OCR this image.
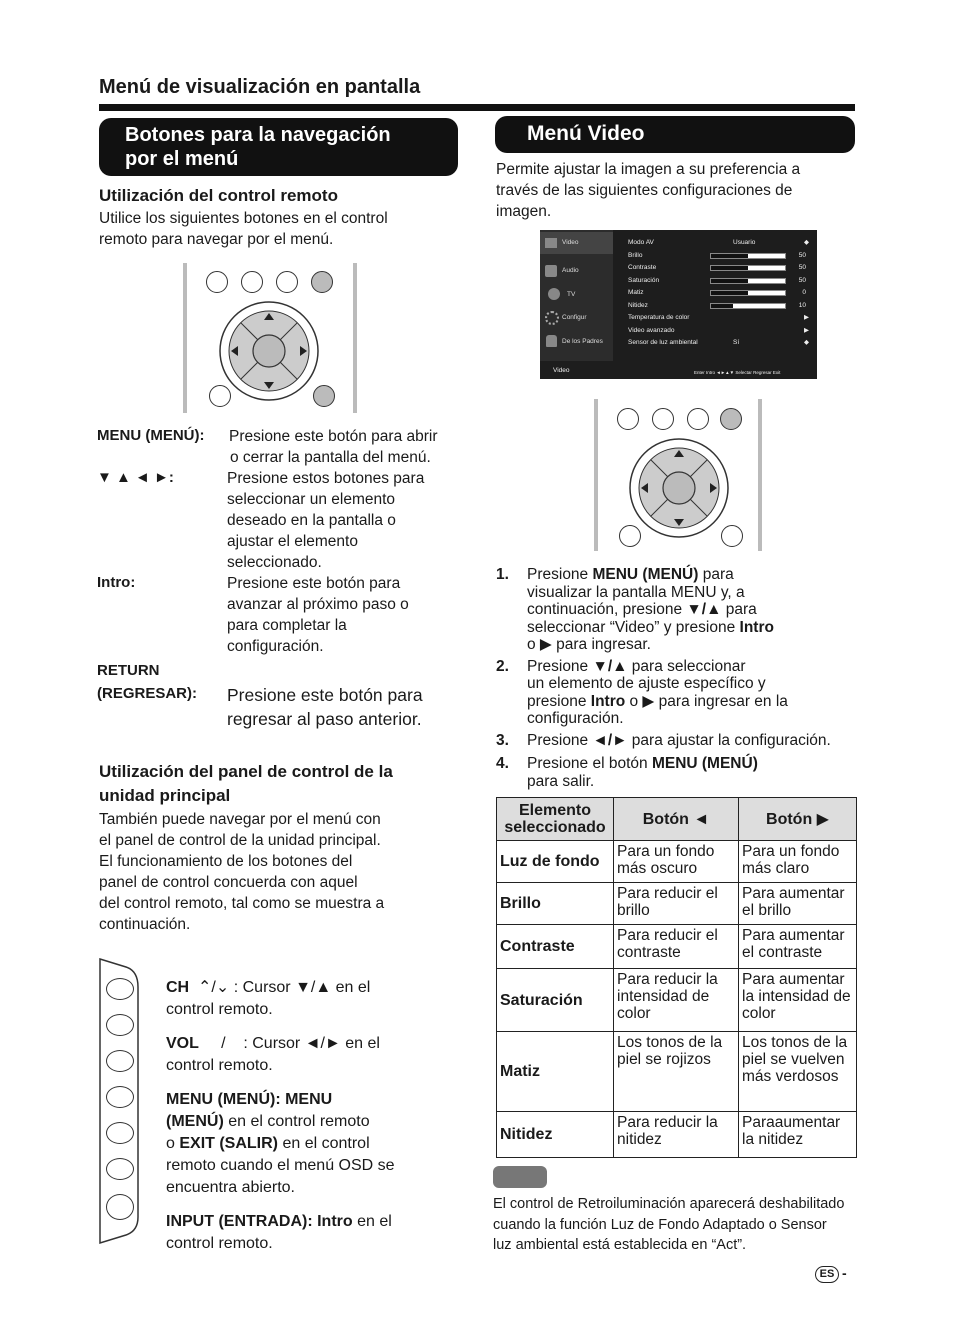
Menú de visualización en pantalla
Botones para la navegación
por el menú
Utilización del control remoto
Utilice los siguientes botones en el control
remoto para navegar por el menú.
MENU (MENÚ): Presione este botón para abrir
o cerrar la pantalla del menú.
▼ ▲ ◄ ►:	Presione estos botones para
seleccionar un elemento
deseado en la pantalla o
ajustar el elemento
seleccionado.
Intro:	Presione este botón para
avanzar al próximo paso o
para completar la
configuración.
RETURN
(REGRESAR): Presione este botón para
regresar al paso anterior.
Utilización del panel de control de la
unidad principal
También puede navegar por el menú con
el panel de control de la unidad principal.
El funcionamiento de los botones del
panel de control concuerda con aquel
del control remoto, tal como se muestra a
continuación.
CH  ⌃/⌄ : Cursor ▼/▲ en el
control remoto.
VOL     /    : Cursor ◄/► en el
control remoto.
MENU (MENÚ): MENU
(MENÚ) en el control remoto
o EXIT (SALIR) en el control
remoto cuando el menú OSD se
encuentra abierto.
INPUT (ENTRADA): Intro en el
control remoto.
Menú Video
Permite ajustar la imagen a su preferencia a
través de las siguientes configuraciones de
imagen.
Video
Audio
TV
Configur
De los Padres
Modo AV	Usuario	◆
Brillo	50
Contraste	50
Saturación	50
Matiz	0
Nitidez	10
Temperatura de color	▶
Video avanzado	▶
Sensor de luz ambiental	Sí	◆
Video	Enter Intro ◄►▲▼ Selectar Regresar Exit
1. Presione MENU (MENÚ) para
visualizar la pantalla MENU y, a
continuación, presione ▼/▲ para
seleccionar “Video” y presione Intro
o ▶ para ingresar.
2. Presione ▼/▲ para seleccionar
un elemento de ajuste específico y
presione Intro o ▶ para ingresar en la
configuración.
3. Presione ◄/► para ajustar la configuración.
4. Presione el botón MENU (MENÚ)
para salir.
Elemento seleccionado	Botón ◄	Botón ▶
Luz de fondo	Para un fondo más oscuro	Para un fondo más claro
Brillo	Para reducir el brillo	Para aumentar el brillo
Contraste	Para reducir el contraste	Para aumentar el contraste
Saturación	Para reducir la intensidad de color	Para aumentar la intensidad de color
Matiz	Los tonos de la piel se rojizos	Los tonos de la piel se vuelven más verdosos
Nitidez	Para reducir la nitidez	Paraaumentar la nitidez
El control de Retroiluminación aparecerá deshabilitado
cuando la función Luz de Fondo Adaptado o Sensor
luz ambiental está establecida en “Act”.
ES -
